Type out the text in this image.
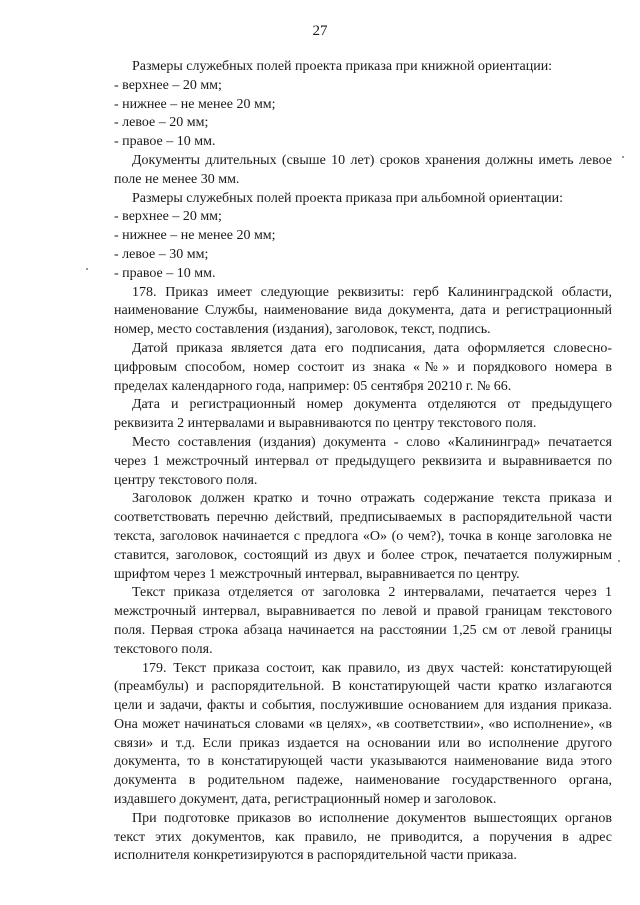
27

Размеры служебных полей проекта приказа при книжной ориентации:

- верхнее – 20 мм;

- нижнее – не менее 20 мм;

- левое – 20 мм;

- правое – 10 мм.

Документы длительных (свыше 10 лет) сроков хранения должны иметь левое поле не менее 30 мм.

Размеры служебных полей проекта приказа при альбомной ориентации:

- верхнее – 20 мм;

- нижнее – не менее 20 мм;

- левое – 30 мм;

- правое – 10 мм.

178. Приказ имеет следующие реквизиты: герб Калининградской области, наименование Службы, наименование вида документа, дата и регистрационный номер, место составления (издания), заголовок, текст, подпись.

Датой приказа является дата его подписания, дата оформляется словесно-цифровым способом, номер состоит из знака «№» и порядкового номера в пределах календарного года, например: 05 сентября 20210 г. № 66.

Дата и регистрационный номер документа отделяются от предыдущего реквизита 2 интервалами и выравниваются по центру текстового поля.

Место составления (издания) документа - слово «Калининград» печатается через 1 межстрочный интервал от предыдущего реквизита и выравнивается по центру текстового поля.

Заголовок должен кратко и точно отражать содержание текста приказа и соответствовать перечню действий, предписываемых в распорядительной части текста, заголовок начинается с предлога «О» (о чем?), точка в конце заголовка не ставится, заголовок, состоящий из двух и более строк, печатается полужирным шрифтом через 1 межстрочный интервал, выравнивается по центру.

Текст приказа отделяется от заголовка 2 интервалами, печатается через 1 межстрочный интервал, выравнивается по левой и правой границам текстового поля. Первая строка абзаца начинается на расстоянии 1,25 см от левой границы текстового поля.

179. Текст приказа состоит, как правило, из двух частей: констатирующей (преамбулы) и распорядительной. В констатирующей части кратко излагаются цели и задачи, факты и события, послужившие основанием для издания приказа. Она может начинаться словами «в целях», «в соответствии», «во исполнение», «в связи» и т.д. Если приказ издается на основании или во исполнение другого документа, то в констатирующей части указываются наименование вида этого документа в родительном падеже, наименование государственного органа, издавшего документ, дата, регистрационный номер и заголовок.

При подготовке приказов во исполнение документов вышестоящих органов текст этих документов, как правило, не приводится, а поручения в адрес исполнителя конкретизируются в распорядительной части приказа.
